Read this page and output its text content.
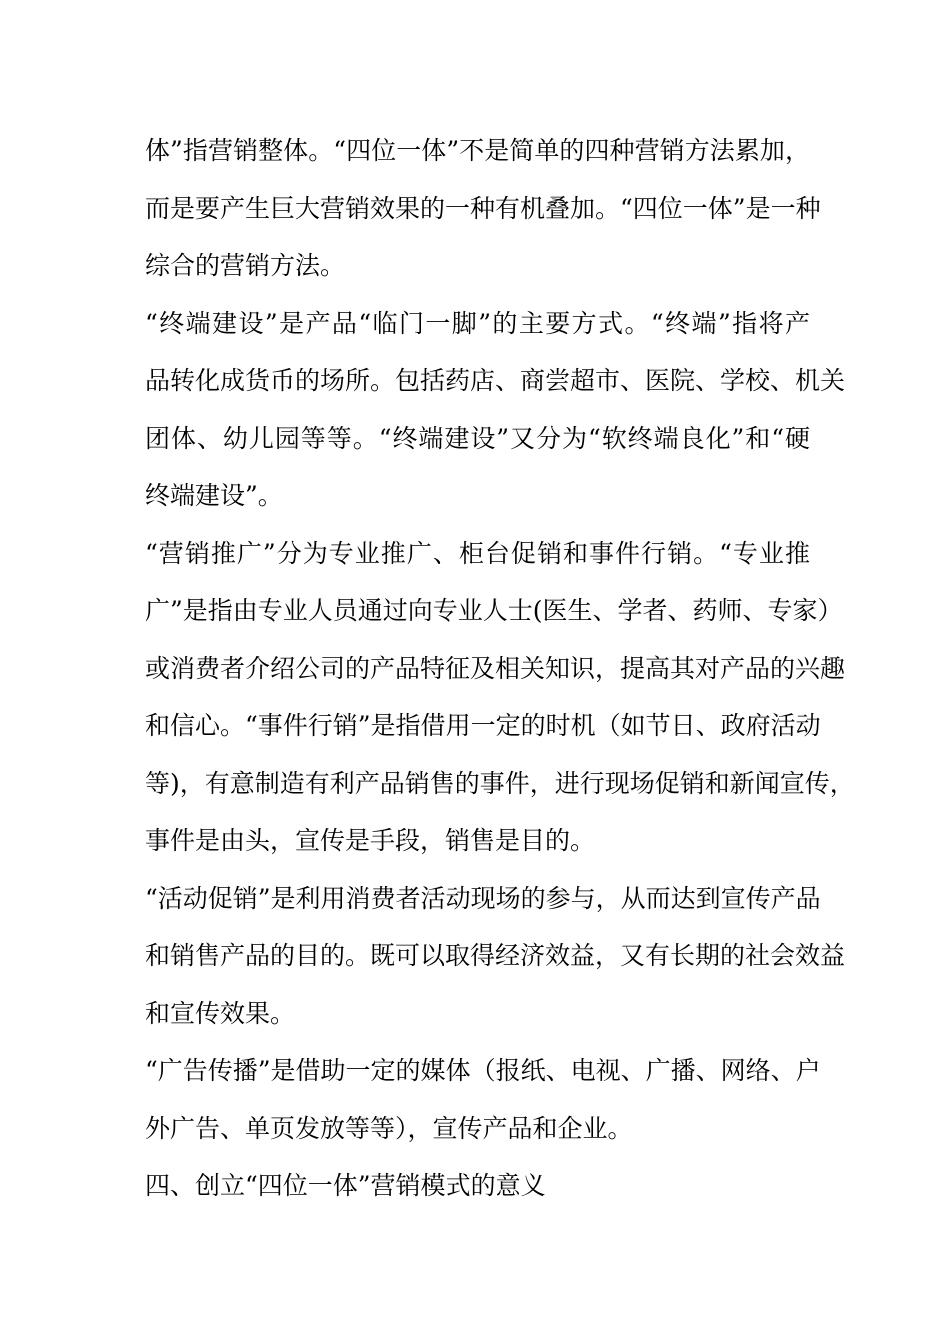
体”指营销整体。“四位一体”不是简单的四种营销方法累加，
而是要产生巨大营销效果的一种有机叠加。“四位一体”是一种
综合的营销方法。
“终端建设”是产品“临门一脚”的主要方式。“终端”指将产
品转化成货币的场所。包括药店、商尝超市、医院、学校、机关
团体、幼儿园等等。“终端建设”又分为“软终端良化”和“硬
终端建设”。
“营销推广”分为专业推广、柜台促销和事件行销。“专业推
广”是指由专业人员通过向专业人士(医生、学者、药师、专家）
或消费者介绍公司的产品特征及相关知识，提高其对产品的兴趣
和信心。“事件行销”是指借用一定的时机（如节日、政府活动
等)，有意制造有利产品销售的事件，进行现场促销和新闻宣传，
事件是由头，宣传是手段，销售是目的。
“活动促销”是利用消费者活动现场的参与，从而达到宣传产品
和销售产品的目的。既可以取得经济效益，又有长期的社会效益
和宣传效果。
“广告传播”是借助一定的媒体（报纸、电视、广播、网络、户
外广告、单页发放等等），宣传产品和企业。
四、创立“四位一体”营销模式的意义
